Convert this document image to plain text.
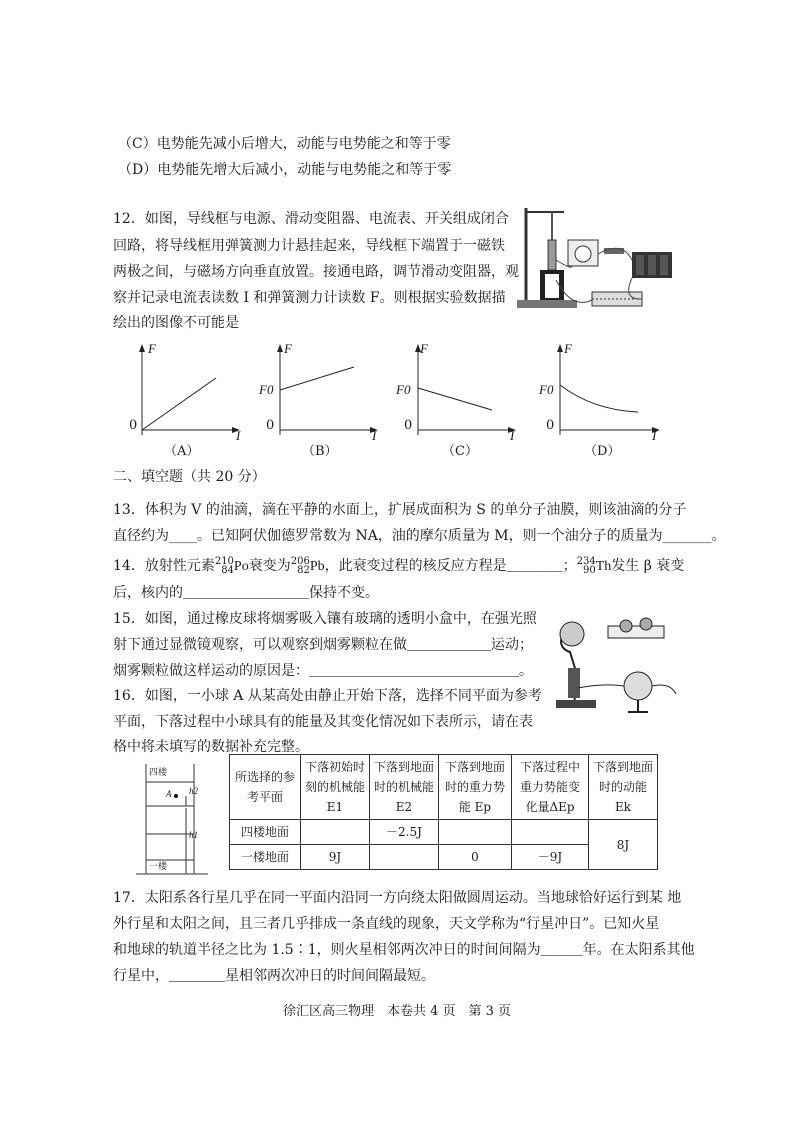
（C）电势能先减小后增大，动能与电势能之和等于零
（D）电势能先增大后减小，动能与电势能之和等于零
12．如图，导线框与电源、滑动变阻器、电流表、开关组成闭合
回路，将导线框用弹簧测力计悬挂起来，导线框下端置于一磁铁
两极之间，与磁场方向垂直放置。接通电路，调节滑动变阻器，观
察并记录电流表读数 I 和弹簧测力计读数 F。则根据实验数据描
绘出的图像不可能是
F
I
0
（A）
F
I
0
F0
（B）
F
I
0
F0
（C）
F
I
0
F0
（D）
二、填空题（共 20 分）
13．体积为 V 的油滴，滴在平静的水面上，扩展成面积为 S 的单分子油膜，则该油滴的分子
直径约为____。已知阿伏伽德罗常数为 NA，油的摩尔质量为 M，则一个油分子的质量为_______。
14．放射性元素210
84Po衰变为206
82Pb，此衰变过程的核反应方程是＿＿＿＿；234
90Th发生 β 衰变
后，核内的＿＿＿＿＿＿＿＿＿保持不变。
15．如图，通过橡皮球将烟雾吸入镶有玻璃的透明小盒中，在强光照
射下通过显微镜观察，可以观察到烟雾颗粒在做＿＿＿＿＿＿运动；
烟雾颗粒做这样运动的原因是：＿＿＿＿＿＿＿＿＿＿＿＿＿＿＿。
16．如图，一小球 A 从某高处由静止开始下落，选择不同平面为参考
平面，下落过程中小球具有的能量及其变化情况如下表所示，请在表
格中将未填写的数据补充完整。
四楼
一楼
h2
h1
A
所选择的参考平面	下落初始时刻的机械能 E1	下落到地面时的机械能 E2	下落到地面时的重力势能 Ep	下落过程中重力势能变化量ΔEp	下落到地面时的动能 Ek
四楼地面		－2.5J			8J
一楼地面	9J		0	－9J	
17．太阳系各行星几乎在同一平面内沿同一方向绕太阳做圆周运动。当地球恰好运行到某 地
外行星和太阳之间，且三者几乎排成一条直线的现象，天文学称为“行星冲日”。已知火星
和地球的轨道半径之比为 1.5∶1，则火星相邻两次冲日的时间间隔为＿＿＿年。在太阳系其他
行星中，＿＿＿＿星相邻两次冲日的时间间隔最短。
徐汇区高三物理　本卷共 4 页　第 3 页
